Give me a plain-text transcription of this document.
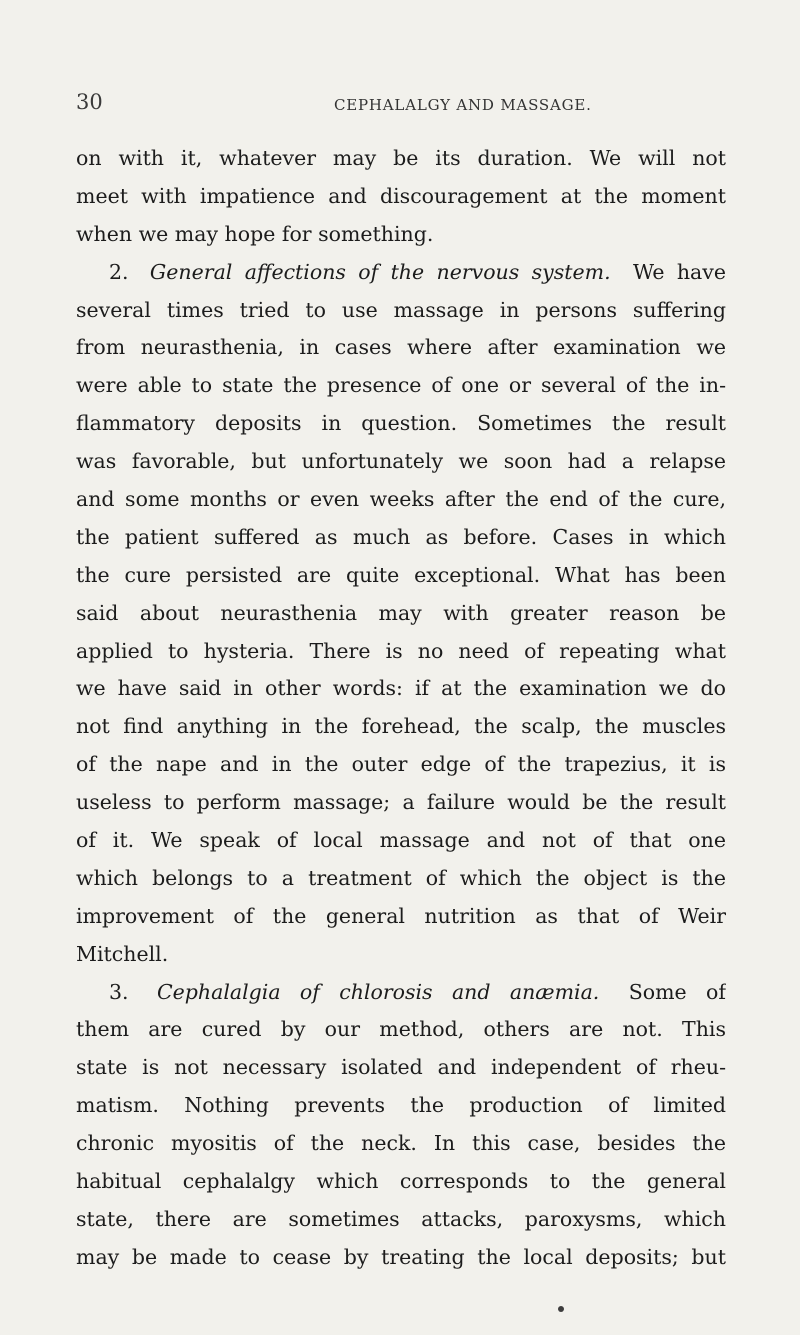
30	CEPHALALGY AND MASSAGE.
on with it, whatever may be its duration. We will not
meet with impatience and discouragement at the moment
when we may hope for something.
2. General affections of the nervous system. We have
several times tried to use massage in persons suffering
from neurasthenia, in cases where after examination we
were able to state the presence of one or several of the in-
flammatory deposits in question. Sometimes the result
was favorable, but unfortunately we soon had a relapse
and some months or even weeks after the end of the cure,
the patient suffered as much as before. Cases in which
the cure persisted are quite exceptional. What has been
said about neurasthenia may with greater reason be
applied to hysteria. There is no need of repeating what
we have said in other words: if at the examination we do
not find anything in the forehead, the scalp, the muscles
of the nape and in the outer edge of the trapezius, it is
useless to perform massage; a failure would be the result
of it. We speak of local massage and not of that one
which belongs to a treatment of which the object is the
improvement of the general nutrition as that of Weir
Mitchell.
3. Cephalalgia of chlorosis and anæmia. Some of
them are cured by our method, others are not. This
state is not necessary isolated and independent of rheu-
matism. Nothing prevents the production of limited
chronic myositis of the neck. In this case, besides the
habitual cephalalgy which corresponds to the general
state, there are sometimes attacks, paroxysms, which
may be made to cease by treating the local deposits; but
